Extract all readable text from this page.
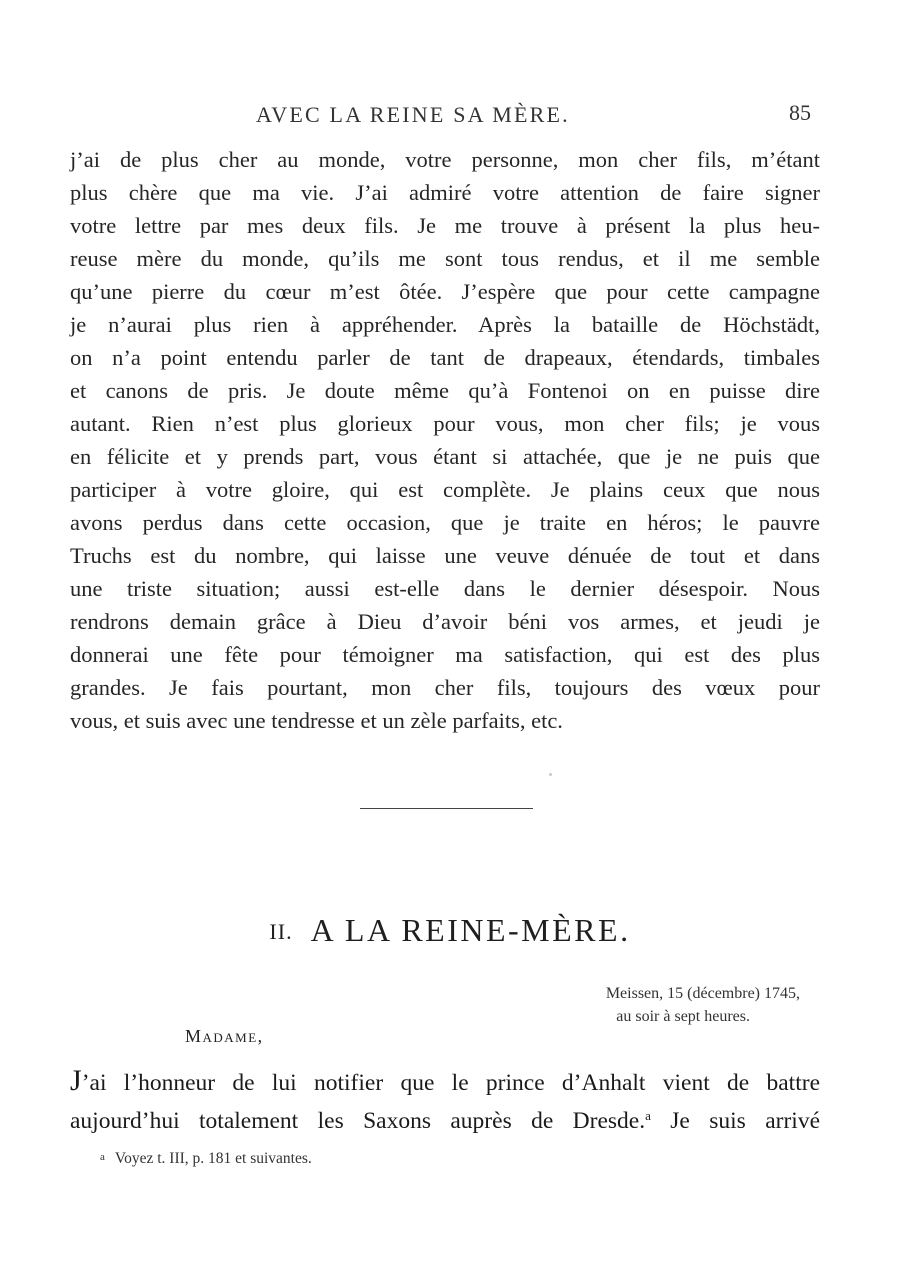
AVEC LA REINE SA MÈRE.	85
j’ai de plus cher au monde, votre personne, mon cher fils, m’étant
plus chère que ma vie. J’ai admiré votre attention de faire signer
votre lettre par mes deux fils. Je me trouve à présent la plus heu-
reuse mère du monde, qu’ils me sont tous rendus, et il me semble
qu’une pierre du cœur m’est ôtée. J’espère que pour cette campagne
je n’aurai plus rien à appréhender. Après la bataille de Höchstädt,
on n’a point entendu parler de tant de drapeaux, étendards, timbales
et canons de pris. Je doute même qu’à Fontenoi on en puisse dire
autant. Rien n’est plus glorieux pour vous, mon cher fils; je vous
en félicite et y prends part, vous étant si attachée, que je ne puis que
participer à votre gloire, qui est complète. Je plains ceux que nous
avons perdus dans cette occasion, que je traite en héros; le pauvre
Truchs est du nombre, qui laisse une veuve dénuée de tout et dans
une triste situation; aussi est-elle dans le dernier désespoir. Nous
rendrons demain grâce à Dieu d’avoir béni vos armes, et jeudi je
donnerai une fête pour témoigner ma satisfaction, qui est des plus
grandes. Je fais pourtant, mon cher fils, toujours des vœux pour
vous, et suis avec une tendresse et un zèle parfaits, etc.
II. A LA REINE-MÈRE.
Meissen, 15 (décembre) 1745,
au soir à sept heures.
Madame,
J’ai l’honneur de lui notifier que le prince d’Anhalt vient de battre
aujourd’hui totalement les Saxons auprès de Dresde.$^a$ Je suis arrivé
a Voyez t. III, p. 181 et suivantes.
